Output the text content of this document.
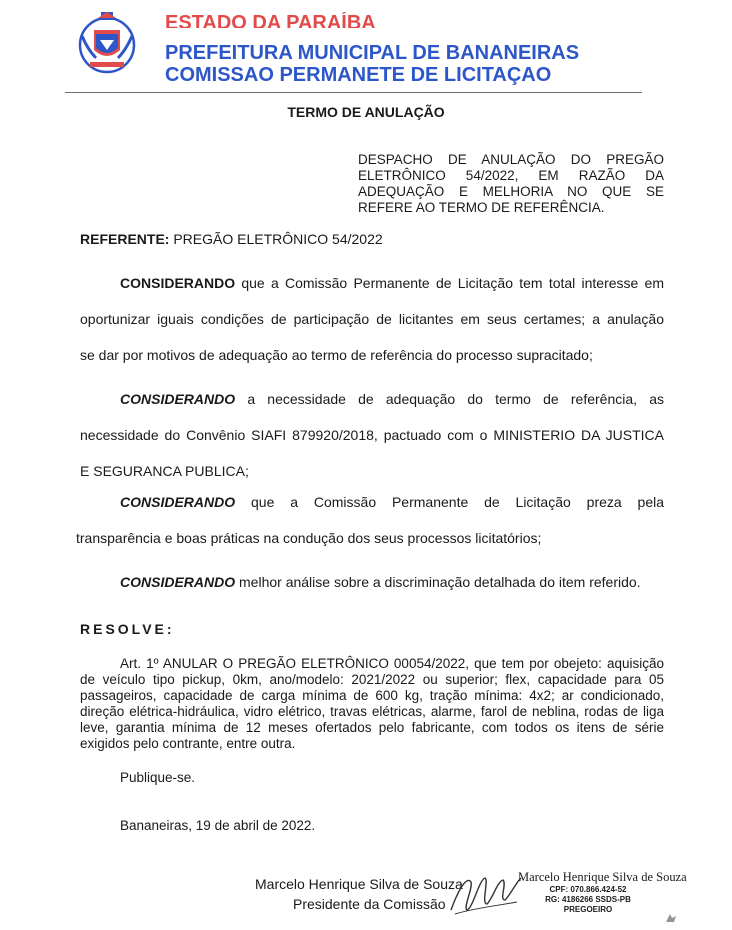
ESTADO DA PARAÍBA
PREFEITURA MUNICIPAL DE BANANEIRAS
COMISSAO PERMANETE DE LICITAÇAO
TERMO DE ANULAÇÃO
DESPACHO DE ANULAÇÃO DO PREGÃO
ELETRÔNICO 54/2022, EM RAZÃO DA
ADEQUAÇÃO E MELHORIA NO QUE SE
REFERE AO TERMO DE REFERÊNCIA.
REFERENTE: PREGÃO ELETRÔNICO 54/2022
CONSIDERANDO que a Comissão Permanente de Licitação tem total interesse em
oportunizar iguais condições de participação de licitantes em seus certames; a anulação
se dar por motivos de adequação ao termo de referência do processo supracitado;
CONSIDERANDO a necessidade de adequação do termo de referência, as
necessidade do Convênio SIAFI 879920/2018, pactuado com o MINISTERIO DA JUSTICA
E SEGURANCA PUBLICA;
CONSIDERANDO que a Comissão Permanente de Licitação preza pela
transparência e boas práticas na condução dos seus processos licitatórios;
CONSIDERANDO melhor análise sobre a discriminação detalhada do item referido.
RESOLVE:
Art. 1º ANULAR O PREGÃO ELETRÔNICO 00054/2022, que tem por obejeto: aquisição de veículo tipo pickup, 0km, ano/modelo: 2021/2022 ou superior; flex, capacidade para 05 passageiros, capacidade de carga mínima de 600 kg, tração mínima: 4x2; ar condicionado, direção elétrica-hidráulica, vidro elétrico, travas elétricas, alarme, farol de neblina, rodas de liga leve, garantia mínima de 12 meses ofertados pelo fabricante, com todos os itens de série exigidos pelo contrante, entre outra.
Publique-se.
Bananeiras, 19 de abril de 2022.
Marcelo Henrique Silva de Souza
Presidente da Comissão
Marcelo Henrique Silva de Souza
CPF: 070.866.424-52
RG: 4186266 SSDS-PB
PREGOEIRO
